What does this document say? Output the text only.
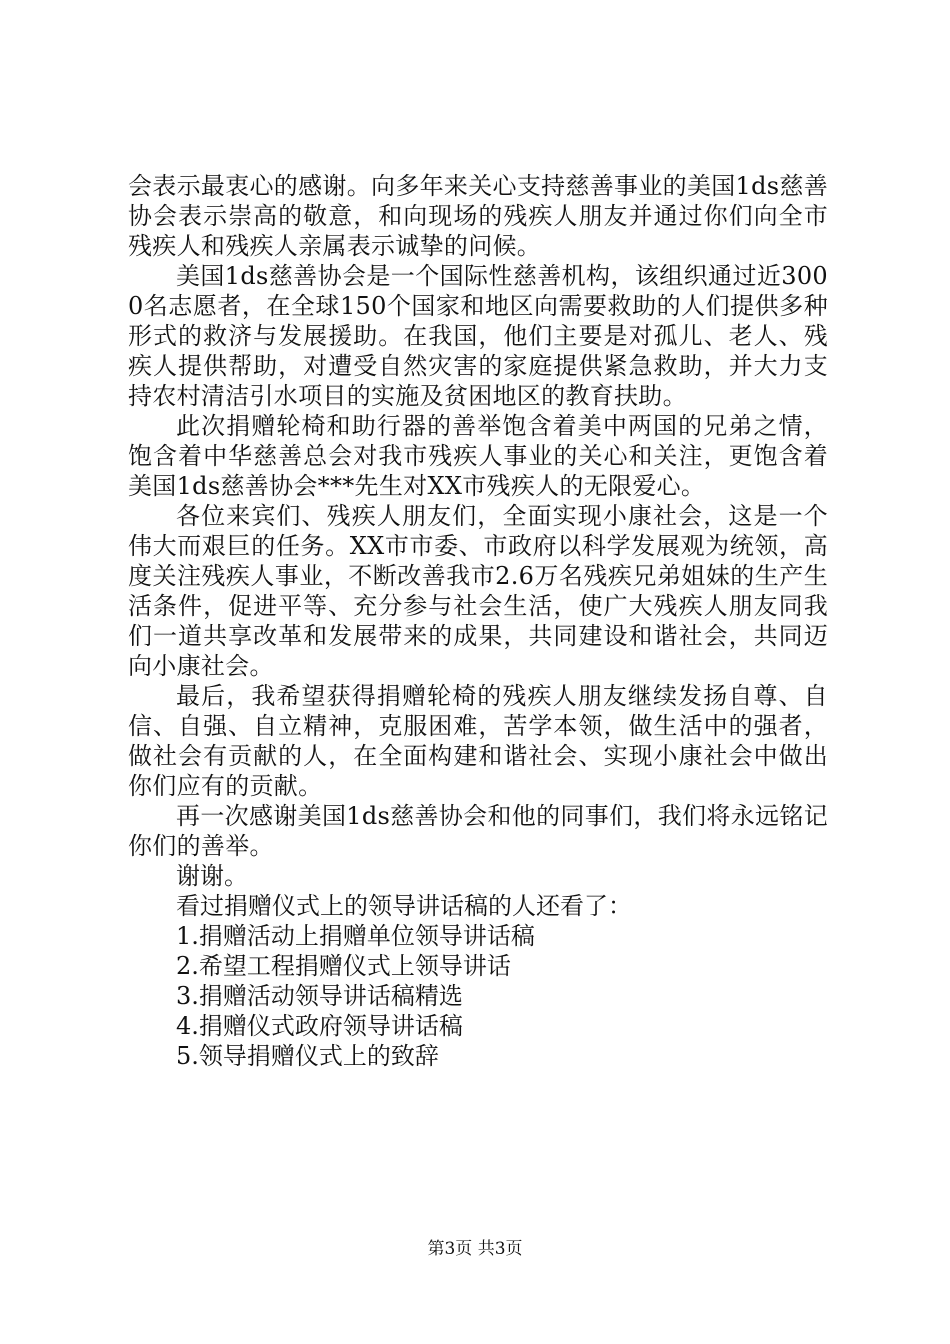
会表示最衷心的感谢。向多年来关心支持慈善事业的美国1ds慈善协会表示崇高的敬意，和向现场的残疾人朋友并通过你们向全市残疾人和残疾人亲属表示诚挚的问候。

美国1ds慈善协会是一个国际性慈善机构，该组织通过近3000名志愿者，在全球150个国家和地区向需要救助的人们提供多种形式的救济与发展援助。在我国，他们主要是对孤儿、老人、残疾人提供帮助，对遭受自然灾害的家庭提供紧急救助，并大力支持农村清洁引水项目的实施及贫困地区的教育扶助。

此次捐赠轮椅和助行器的善举饱含着美中两国的兄弟之情，饱含着中华慈善总会对我市残疾人事业的关心和关注，更饱含着美国1ds慈善协会***先生对XX市残疾人的无限爱心。

各位来宾们、残疾人朋友们，全面实现小康社会，这是一个伟大而艰巨的任务。XX市市委、市政府以科学发展观为统领，高度关注残疾人事业，不断改善我市2.6万名残疾兄弟姐妹的生产生活条件，促进平等、充分参与社会生活，使广大残疾人朋友同我们一道共享改革和发展带来的成果，共同建设和谐社会，共同迈向小康社会。

最后，我希望获得捐赠轮椅的残疾人朋友继续发扬自尊、自信、自强、自立精神，克服困难，苦学本领，做生活中的强者，做社会有贡献的人，在全面构建和谐社会、实现小康社会中做出你们应有的贡献。

再一次感谢美国1ds慈善协会和他的同事们，我们将永远铭记你们的善举。

谢谢。

看过捐赠仪式上的领导讲话稿的人还看了：

1.捐赠活动上捐赠单位领导讲话稿
2.希望工程捐赠仪式上领导讲话
3.捐赠活动领导讲话稿精选
4.捐赠仪式政府领导讲话稿
5.领导捐赠仪式上的致辞
第3页 共3页
